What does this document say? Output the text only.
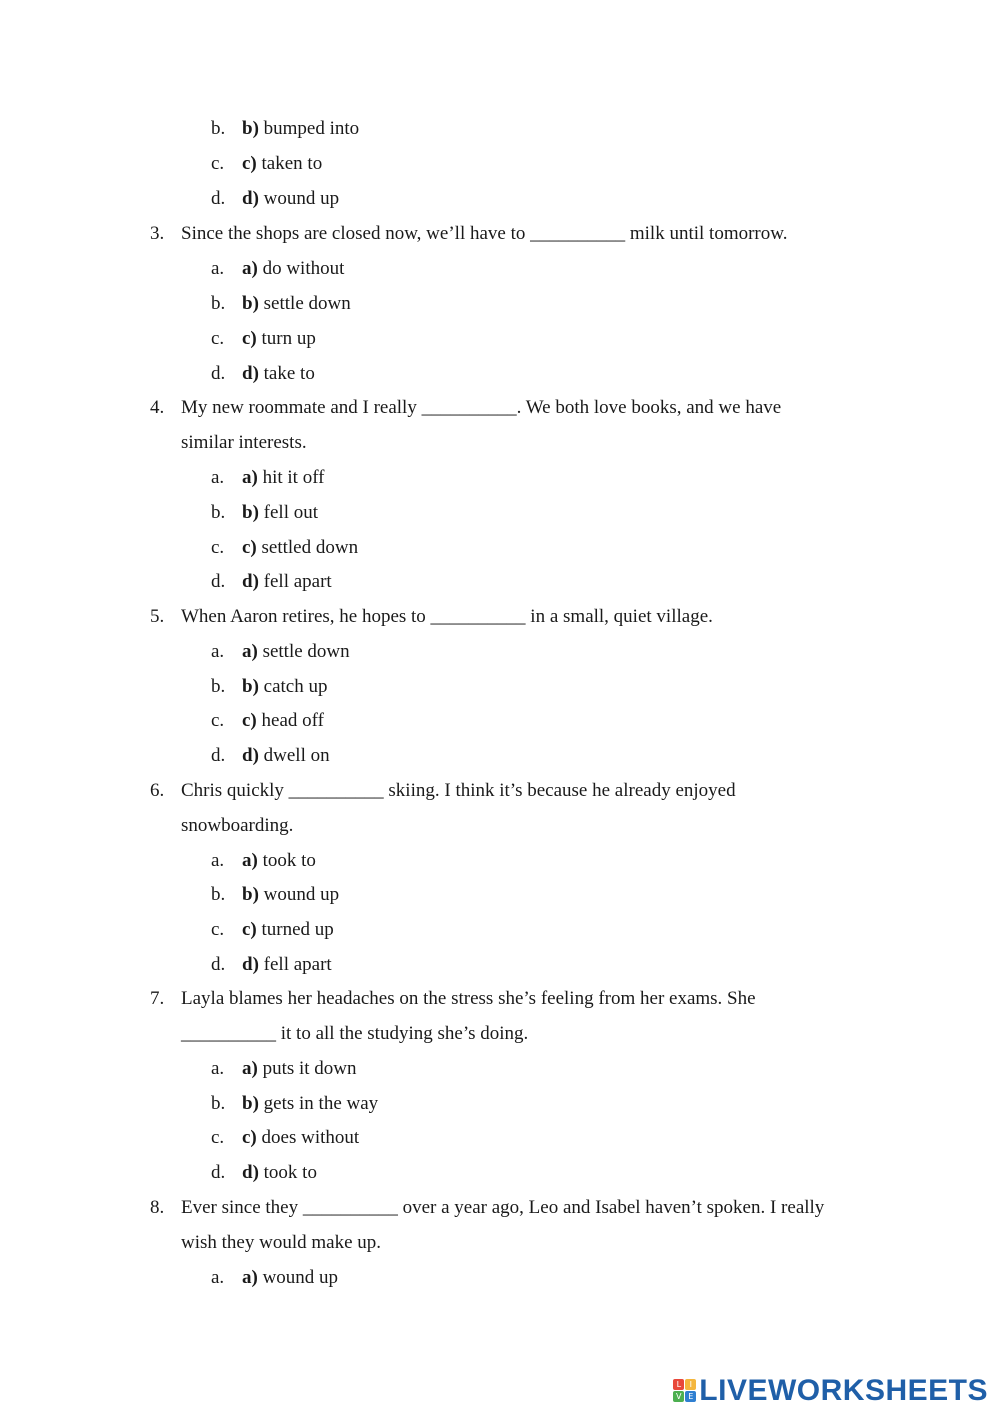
b. b) bumped into
c. c) taken to
d. d) wound up
3. Since the shops are closed now, we’ll have to __________ milk until tomorrow.
a. a) do without
b. b) settle down
c. c) turn up
d. d) take to
4. My new roommate and I really __________. We both love books, and we have
similar interests.
a. a) hit it off
b. b) fell out
c. c) settled down
d. d) fell apart
5. When Aaron retires, he hopes to __________ in a small, quiet village.
a. a) settle down
b. b) catch up
c. c) head off
d. d) dwell on
6. Chris quickly __________ skiing. I think it’s because he already enjoyed
snowboarding.
a. a) took to
b. b) wound up
c. c) turned up
d. d) fell apart
7. Layla blames her headaches on the stress she’s feeling from her exams. She
__________ it to all the studying she’s doing.
a. a) puts it down
b. b) gets in the way
c. c) does without
d. d) took to
8. Ever since they __________ over a year ago, Leo and Isabel haven’t spoken. I really
wish they would make up.
a. a) wound up
L	I
V E LIVEWORKSHEETS
